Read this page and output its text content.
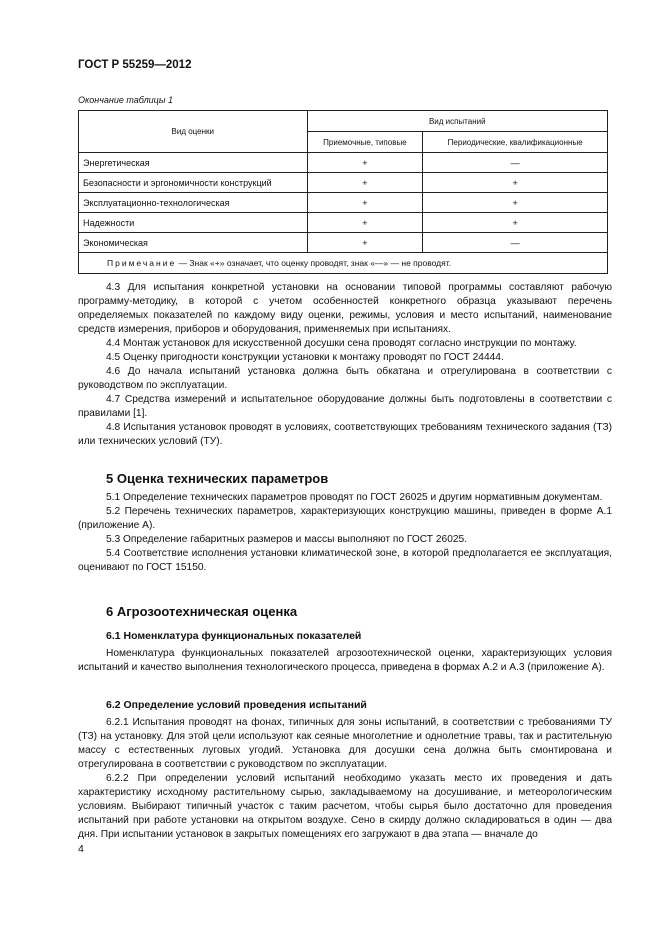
ГОСТ Р 55259—2012
Окончание таблицы 1
Вид оценки	Вид испытаний	
	Приемочные, типовые	Периодические, квалификационные
Энергетическая	+	—
Безопасности и эргономичности конструкций	+	+
Эксплуатационно-технологическая	+	+
Надежности	+	+
Экономическая	+	—
Примечание — Знак «+» означает, что оценку проводят, знак «—» — не проводят.		

4.3 Для испытания конкретной установки на основании типовой программы составляют рабочую программу-методику, в которой с учетом особенностей конкретного образца указывают перечень определяемых показателей по каждому виду оценки, режимы, условия и место испытаний, наименование средств измерения, приборов и оборудования, применяемых при испытаниях.

4.4 Монтаж установок для искусственной досушки сена проводят согласно инструкции по монтажу.

4.5 Оценку пригодности конструкции установки к монтажу проводят по ГОСТ 24444.

4.6 До начала испытаний установка должна быть обкатана и отрегулирована в соответствии с руководством по эксплуатации.

4.7 Средства измерений и испытательное оборудование должны быть подготовлены в соответствии с правилами [1].

4.8 Испытания установок проводят в условиях, соответствующих требованиям технического задания (ТЗ) или технических условий (ТУ).

5 Оценка технических параметров

5.1 Определение технических параметров проводят по ГОСТ 26025 и другим нормативным документам.

5.2 Перечень технических параметров, характеризующих конструкцию машины, приведен в форме А.1 (приложение А).

5.3 Определение габаритных размеров и массы выполняют по ГОСТ 26025.

5.4 Соответствие исполнения установки климатической зоне, в которой предполагается ее эксплуатация, оценивают по ГОСТ 15150.

6 Агрозоотехническая оценка
6.1 Номенклатура функциональных показателей

Номенклатура функциональных показателей агрозоотехнической оценки, характеризующих условия испытаний и качество выполнения технологического процесса, приведена в формах А.2 и А.3 (приложение А).

6.2 Определение условий проведения испытаний

6.2.1 Испытания проводят на фонах, типичных для зоны испытаний, в соответствии с требованиями ТУ (ТЗ) на установку. Для этой цели используют как сеяные многолетние и однолетние травы, так и растительную массу с естественных луговых угодий. Установка для досушки сена должна быть смонтирована и отрегулирована в соответствии с руководством по эксплуатации.

6.2.2 При определении условий испытаний необходимо указать место их проведения и дать характеристику исходному растительному сырью, закладываемому на досушивание, и метеорологическим условиям. Выбирают типичный участок с таким расчетом, чтобы сырья было достаточно для проведения испытаний при работе установки на открытом воздухе. Сено в скирду должно складироваться в один — два дня. При испытании установок в закрытых помещениях его загружают в два этапа — вначале до

4
